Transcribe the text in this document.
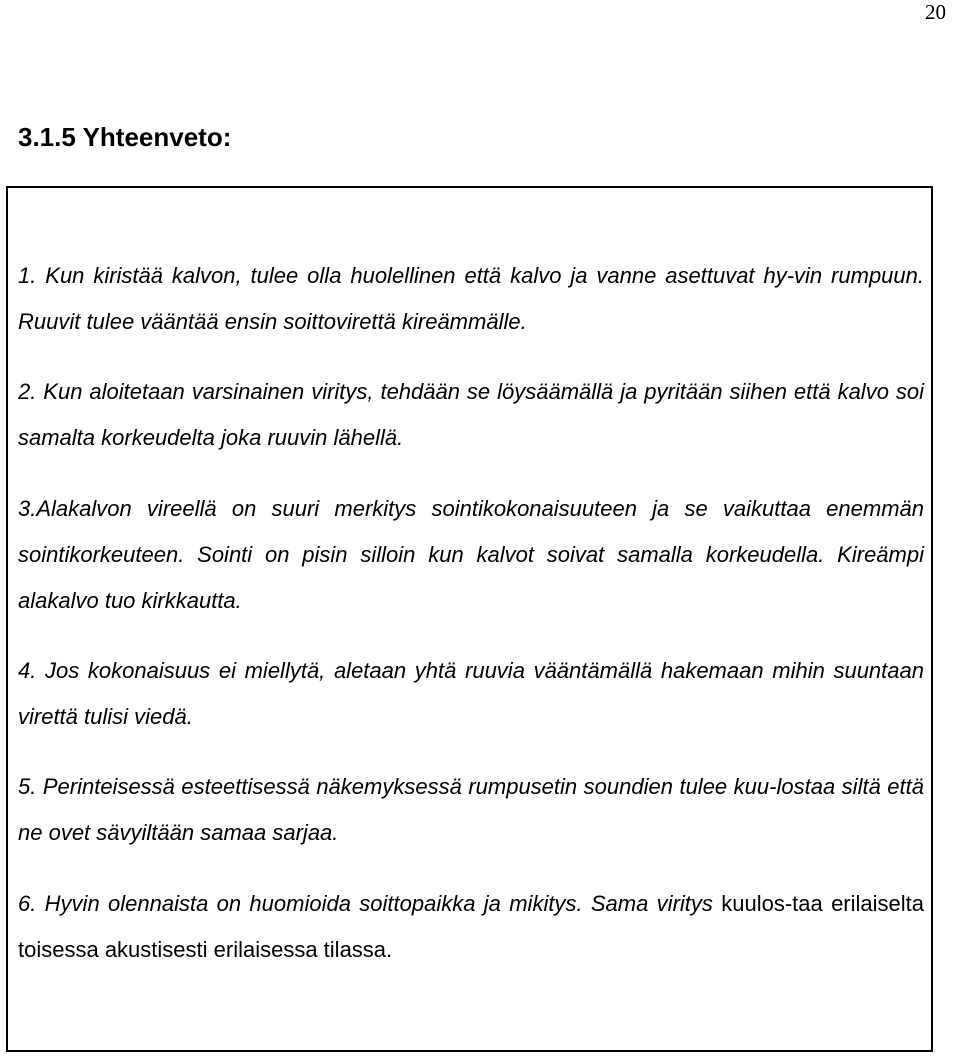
20
3.1.5 Yhteenveto:

1. Kun kiristää kalvon, tulee olla huolellinen että kalvo ja vanne asettuvat hy-vin rumpuun. Ruuvit tulee vääntää ensin soittovirettä kireämmälle.

2. Kun aloitetaan varsinainen viritys, tehdään se löysäämällä ja pyritään siihen että kalvo soi samalta korkeudelta joka ruuvin lähellä.

3.Alakalvon vireellä on suuri merkitys sointikokonaisuuteen ja se vaikuttaa enemmän sointikorkeuteen. Sointi on pisin silloin kun kalvot soivat samalla korkeudella. Kireämpi alakalvo tuo kirkkautta.

4. Jos kokonaisuus ei miellytä, aletaan yhtä ruuvia vääntämällä hakemaan mihin suuntaan virettä tulisi viedä.

5. Perinteisessä esteettisessä näkemyksessä rumpusetin soundien tulee kuu-lostaa siltä että ne ovet sävyiltään samaa sarjaa.

6. Hyvin olennaista on huomioida soittopaikka ja mikitys. Sama viritys kuulos-taa erilaiselta toisessa akustisesti erilaisessa tilassa.
